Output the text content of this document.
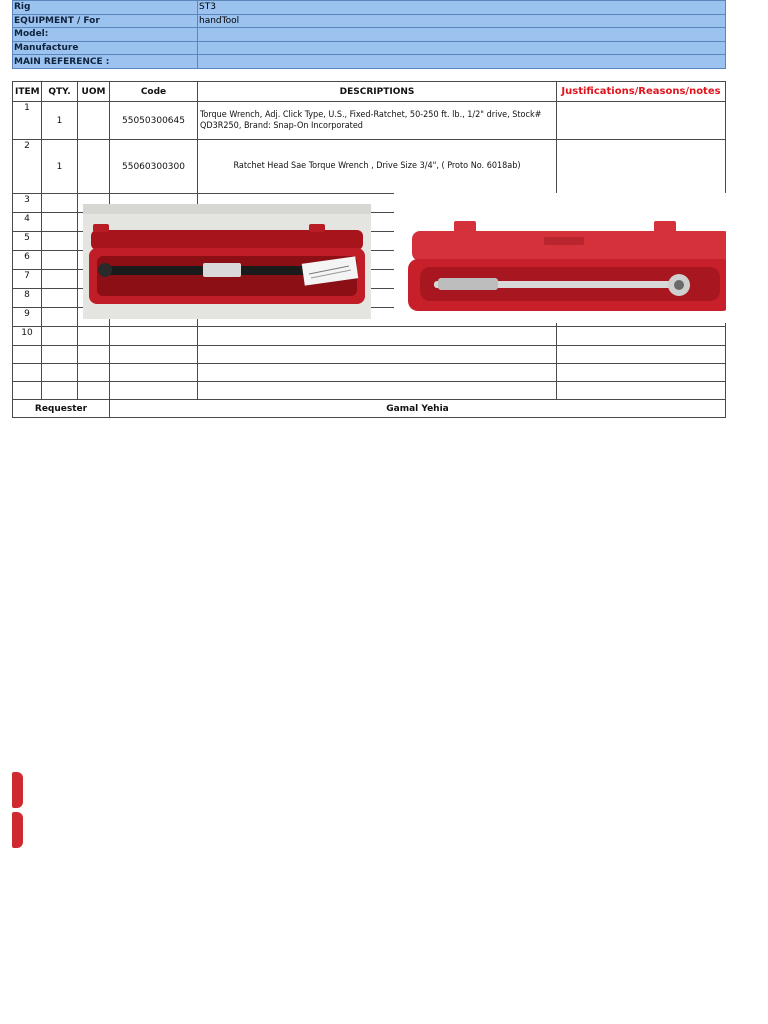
Rig	ST3
EQUIPMENT / For	handTool
Model:	
Manufacture	
MAIN REFERENCE :	
ITEM	QTY.	UOM	Code	DESCRIPTIONS	Justifications/Reasons/notes
1	1		55050300645	Torque Wrench, Adj. Click Type, U.S., Fixed-Ratchet, 50-250 ft. lb., 1/2" drive, Stock# QD3R250, Brand: Snap-On Incorporated	

2	1		55060300300	Ratchet Head Sae Torque Wrench , Drive Size 3/4", ( Proto No. 6018ab)	

3					
4					
5					
6					
7					
8					
9					
10					

Requester			Gamal Yehia		
